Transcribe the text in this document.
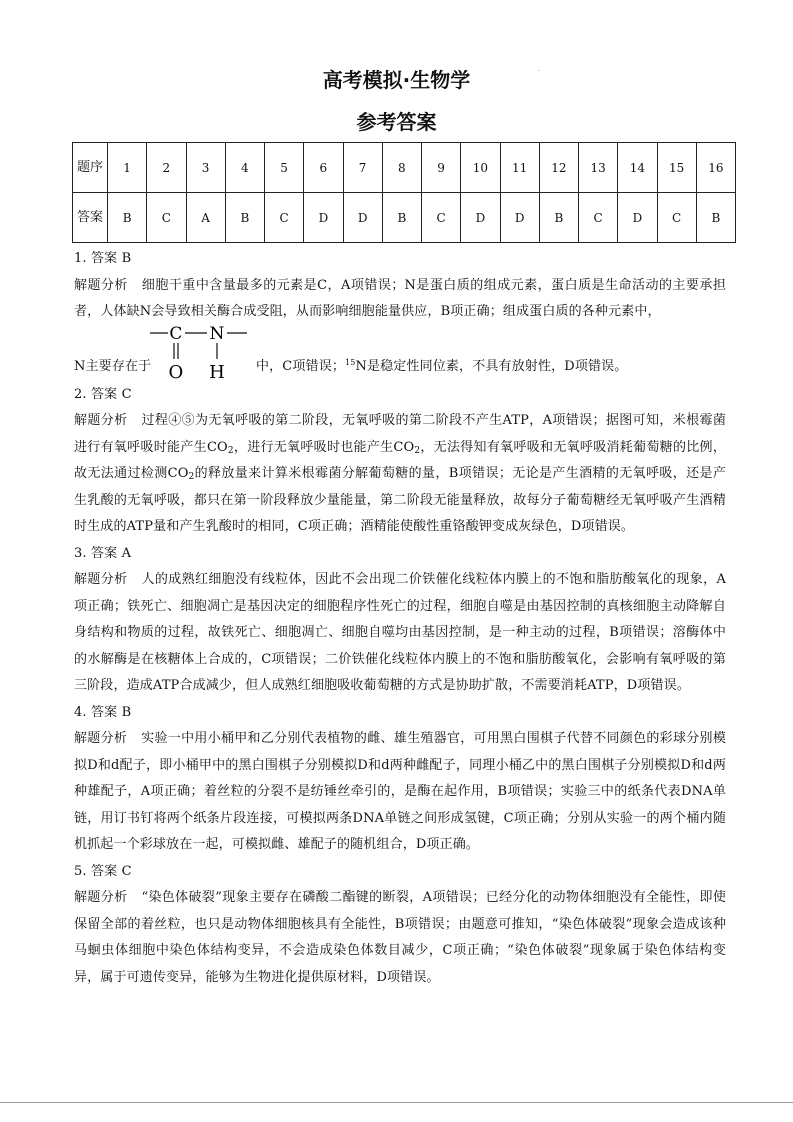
.
高考模拟·生物学
参考答案
题序	1	2	3	4	5	6	7	8	9	10	11	12	13	14	15	16
答案	B	C	A	B	C	D	D	B	C	D	D	B	C	D	C	B

1. 答案 B

解题分析 细胞干重中含量最多的元素是C，A项错误；N是蛋白质的组成元素，蛋白质是生命活动的主要承担者，人体缺N会导致相关酶合成受阻，从而影响细胞能量供应，B项正确；组成蛋白质的各种元素中，

N主要存在于
C N
O H 中，C项错误；$^{15}$N是稳定性同位素，不具有放射性，D项错误。

2. 答案 C

解题分析 过程④⑤为无氧呼吸的第二阶段，无氧呼吸的第二阶段不产生ATP，A项错误；据图可知，米根霉菌进行有氧呼吸时能产生$CO_2$，进行无氧呼吸时也能产生$CO_2$，无法得知有氧呼吸和无氧呼吸消耗葡萄糖的比例，故无法通过检测$CO_2$的释放量来计算米根霉菌分解葡萄糖的量，B项错误；无论是产生酒精的无氧呼吸，还是产生乳酸的无氧呼吸，都只在第一阶段释放少量能量，第二阶段无能量释放，故每分子葡萄糖经无氧呼吸产生酒精时生成的ATP量和产生乳酸时的相同，C项正确；酒精能使酸性重铬酸钾变成灰绿色，D项错误。

3. 答案 A

解题分析 人的成熟红细胞没有线粒体，因此不会出现二价铁催化线粒体内膜上的不饱和脂肪酸氧化的现象，A项正确；铁死亡、细胞凋亡是基因决定的细胞程序性死亡的过程，细胞自噬是由基因控制的真核细胞主动降解自身结构和物质的过程，故铁死亡、细胞凋亡、细胞自噬均由基因控制，是一种主动的过程，B项错误；溶酶体中的水解酶是在核糖体上合成的，C项错误；二价铁催化线粒体内膜上的不饱和脂肪酸氧化，会影响有氧呼吸的第三阶段，造成ATP合成减少，但人成熟红细胞吸收葡萄糖的方式是协助扩散，不需要消耗ATP，D项错误。

4. 答案 B

解题分析 实验一中用小桶甲和乙分别代表植物的雌、雄生殖器官，可用黑白围棋子代替不同颜色的彩球分别模拟D和d配子，即小桶甲中的黑白围棋子分别模拟D和d两种雌配子，同理小桶乙中的黑白围棋子分别模拟D和d两种雄配子，A项正确；着丝粒的分裂不是纺锤丝牵引的，是酶在起作用，B项错误；实验三中的纸条代表DNA单链，用订书钉将两个纸条片段连接，可模拟两条DNA单链之间形成氢键，C项正确；分别从实验一的两个桶内随机抓起一个彩球放在一起，可模拟雌、雄配子的随机组合，D项正确。

5. 答案 C

解题分析 “染色体破裂”现象主要存在磷酸二酯键的断裂，A项错误；已经分化的动物体细胞没有全能性，即使保留全部的着丝粒，也只是动物体细胞核具有全能性，B项错误；由题意可推知，“染色体破裂”现象会造成该种马蛔虫体细胞中染色体结构变异，不会造成染色体数目减少，C项正确；“染色体破裂”现象属于染色体结构变异，属于可遗传变异，能够为生物进化提供原材料，D项错误。
